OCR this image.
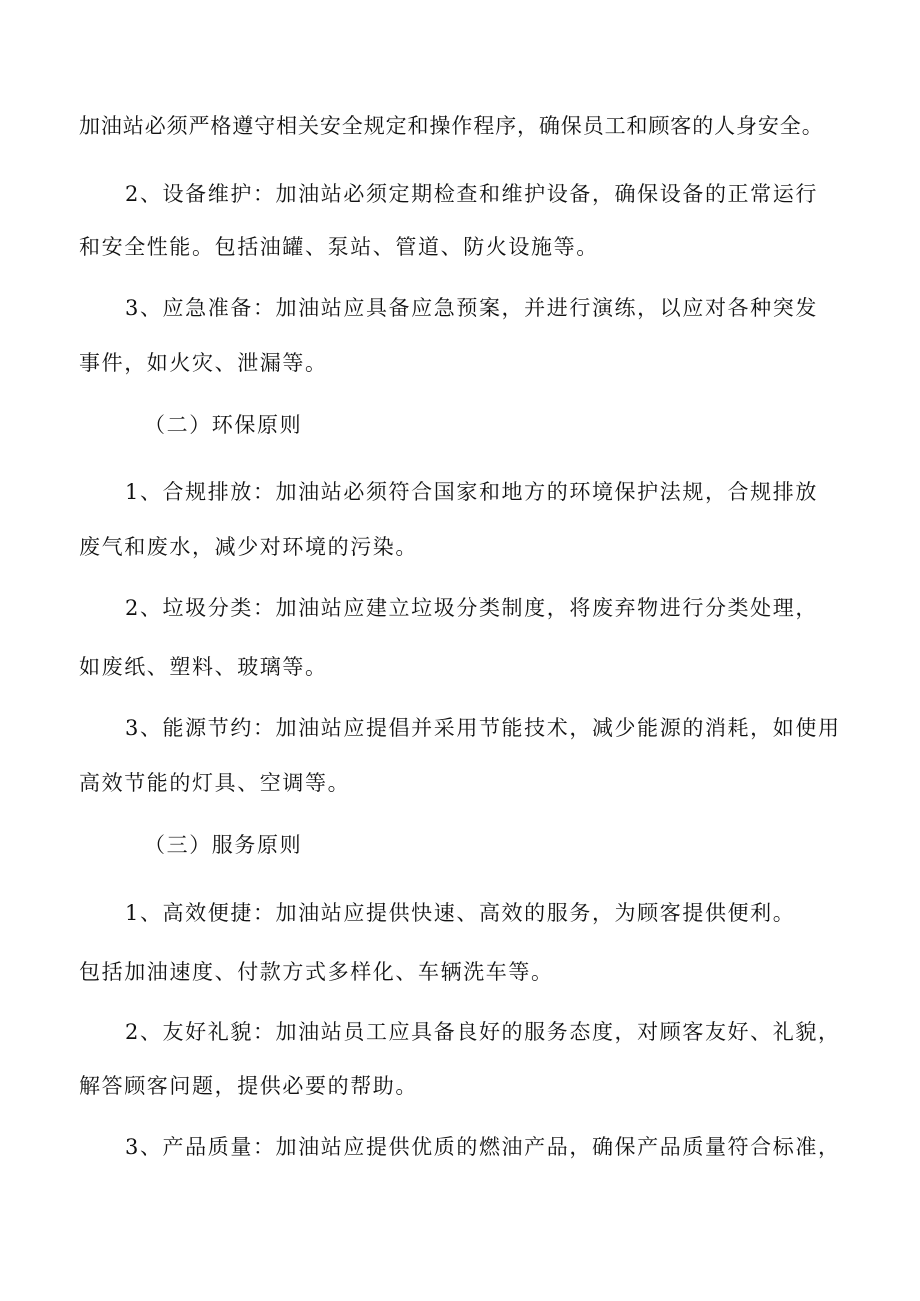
加油站必须严格遵守相关安全规定和操作程序，确保员工和顾客的人身安全。
2、设备维护：加油站必须定期检查和维护设备，确保设备的正常运行
和安全性能。包括油罐、泵站、管道、防火设施等。
3、应急准备：加油站应具备应急预案，并进行演练，以应对各种突发
事件，如火灾、泄漏等。
（二）环保原则
1、合规排放：加油站必须符合国家和地方的环境保护法规，合规排放
废气和废水，减少对环境的污染。
2、垃圾分类：加油站应建立垃圾分类制度，将废弃物进行分类处理，
如废纸、塑料、玻璃等。
3、能源节约：加油站应提倡并采用节能技术，减少能源的消耗，如使用
高效节能的灯具、空调等。
（三）服务原则
1、高效便捷：加油站应提供快速、高效的服务，为顾客提供便利。
包括加油速度、付款方式多样化、车辆洗车等。
2、友好礼貌：加油站员工应具备良好的服务态度，对顾客友好、礼貌，
解答顾客问题，提供必要的帮助。
3、产品质量：加油站应提供优质的燃油产品，确保产品质量符合标准，
